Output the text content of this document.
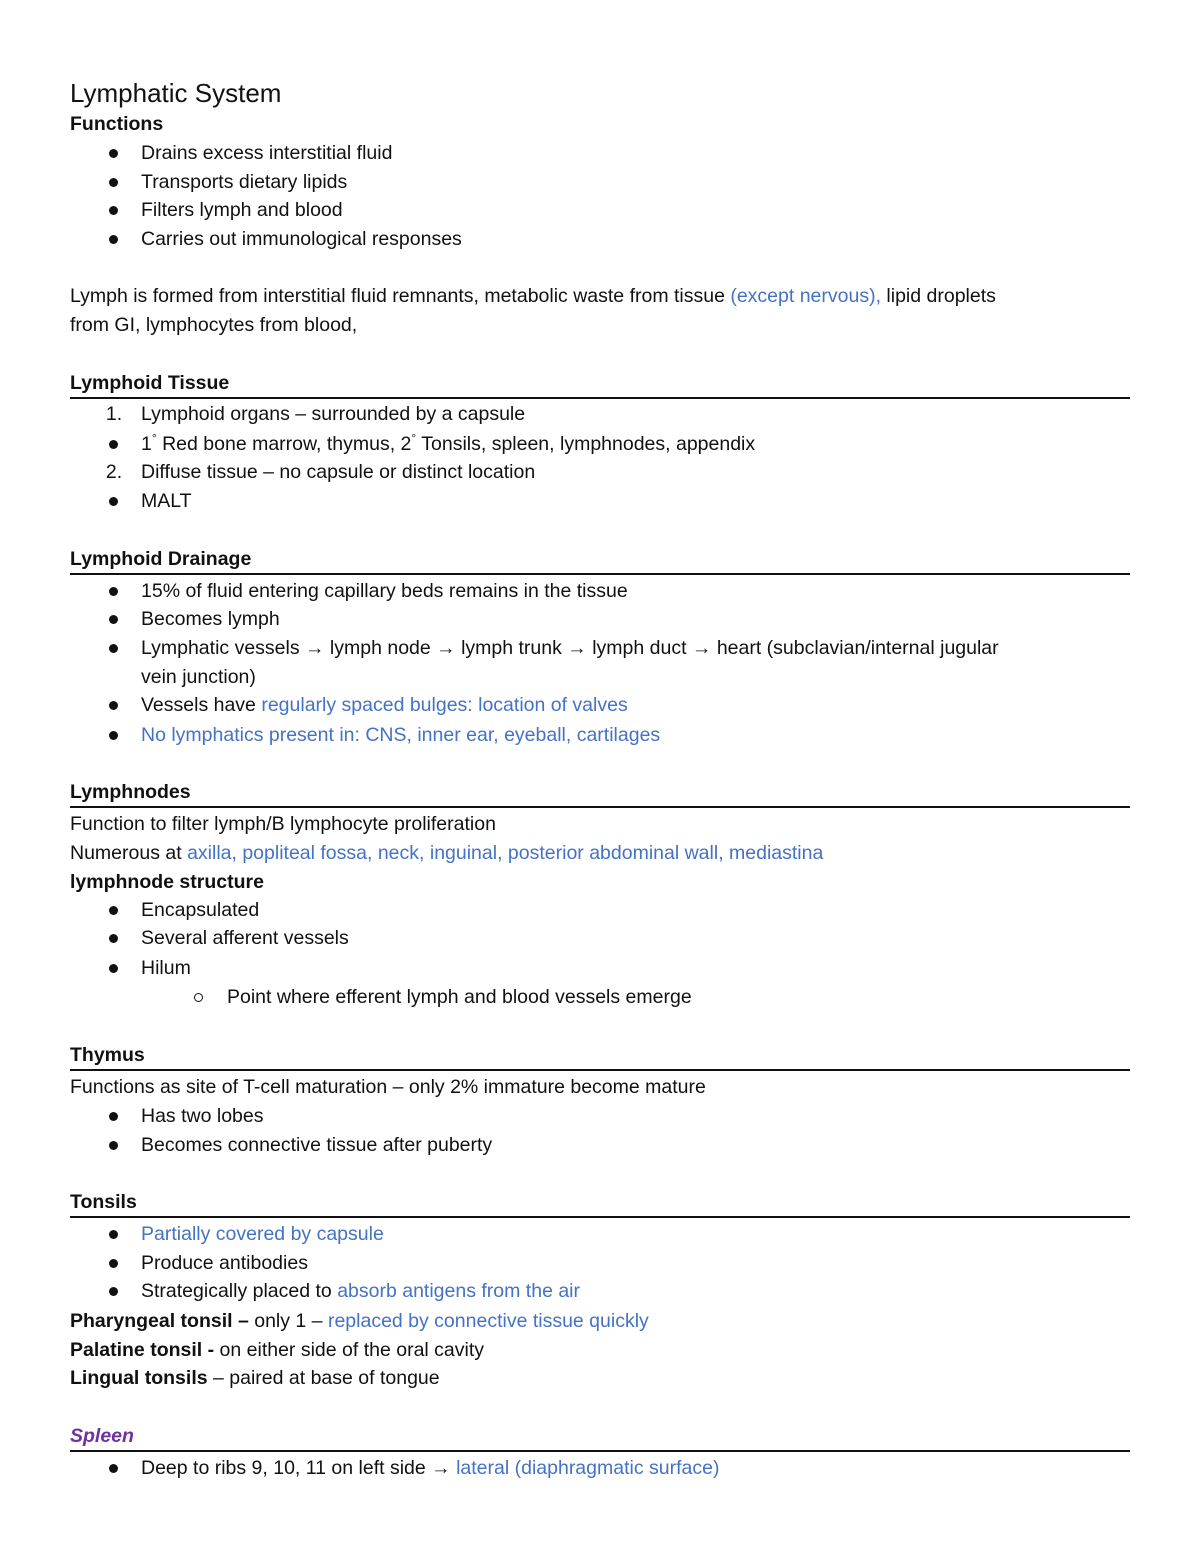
Lymphatic System
Functions
Drains excess interstitial fluid
Transports dietary lipids
Filters lymph and blood
Carries out immunological responses
Lymph is formed from interstitial fluid remnants, metabolic waste from tissue (except nervous), lipid droplets
from GI, lymphocytes from blood,
Lymphoid Tissue
1. Lymphoid organs – surrounded by a capsule
1° Red bone marrow, thymus, 2° Tonsils, spleen, lymphnodes, appendix
2. Diffuse tissue – no capsule or distinct location
MALT
Lymphoid Drainage
15% of fluid entering capillary beds remains in the tissue
Becomes lymph
Lymphatic vessels → lymph node → lymph trunk → lymph duct → heart (subclavian/internal jugular
vein junction)
Vessels have regularly spaced bulges: location of valves
No lymphatics present in: CNS, inner ear, eyeball, cartilages
Lymphnodes
Function to filter lymph/B lymphocyte proliferation
Numerous at axilla, popliteal fossa, neck, inguinal, posterior abdominal wall, mediastina
lymphnode structure
Encapsulated
Several afferent vessels
Hilum
Point where efferent lymph and blood vessels emerge
Thymus
Functions as site of T-cell maturation – only 2% immature become mature
Has two lobes
Becomes connective tissue after puberty
Tonsils
Partially covered by capsule
Produce antibodies
Strategically placed to absorb antigens from the air
Pharyngeal tonsil – only 1 – replaced by connective tissue quickly
Palatine tonsil - on either side of the oral cavity
Lingual tonsils – paired at base of tongue
Spleen
Deep to ribs 9, 10, 11 on left side → lateral (diaphragmatic surface)
